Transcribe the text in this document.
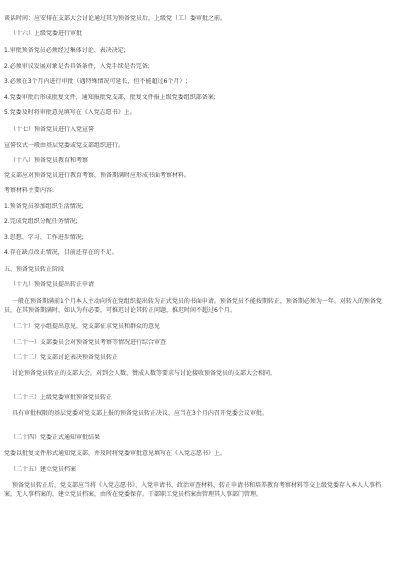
谈话时间：应安排在支部大会讨论通过其为预备党员后，上级党（工）委审批之前。
（十六）上级党委进行审批
1.审批预备党员必须经过集体讨论、表决决定;
2.必须审议发展对象是否具备条件，入党手续是否完备;
3.必须在3个月内进行审批（遇特殊情况可延长，但不能超过6个月）;
4.党委审批后形成批复文件，通知报批党支部，批复文件报上级党委组织部备案;
5.党委及时将审批意见填写在《入党志愿书》上。
（十七）预备党员进行入党宣誓
宣誓仪式一般由基层党委或党支部组织进行。
（十八）预备党员教育和考察
党支部应对预备党员进行教育考察，预备期满时应形成书面考察材料。
考察材料主要内容:
1.预备党员参加组织生活情况;
2.完成党组织分配任务情况;
3.思想、学习、工作进步情况;
4.存在缺点改正情况，目前还存在的不足。
五、预备党员转正阶段
（十九）预备党员提出转正申请
一般在预备期满前1个月本人主动向所在党组织提出转为正式党员的书面申请。预备党员不能按期转正，预备期必须为一年。对转入的预备党员，在其预备期满时，如认为有必要，可推迟讨论其转正问题，推迟时间不超过6个月。
（二十）党小组提出意见，党支部征求党员和群众的意见
（二十一）支部委员会对预备党员考察等情况进行综合审查
（二十二）党支部讨论表决预备党员转正
讨论预备党员转正的支部大会，对到会人数、赞成人数等要求与讨论接收预备党员的支部大会相同。
（二十三）上级党委审批预备党员转正
具有审批权限的基层党委对党支部上报的预备党员转正决议，应当在3个月内召开党委会议审批。
（二十四）党委正式通知审批结果
党委以批复文件形式通知党支部，并及时将党委审批意见填写在《入党志愿书》上。
（二十五）建立党员档案
预备党员转正后，党支部应当将《入党志愿书》、入党申请书、政治审查材料、转正申请书和培养教育考察材料等交上级党委存入本人人事档案。无人事档案的，建立党员档案，由所在党委保存。干部职工党员档案由管理其人事部门管理。
